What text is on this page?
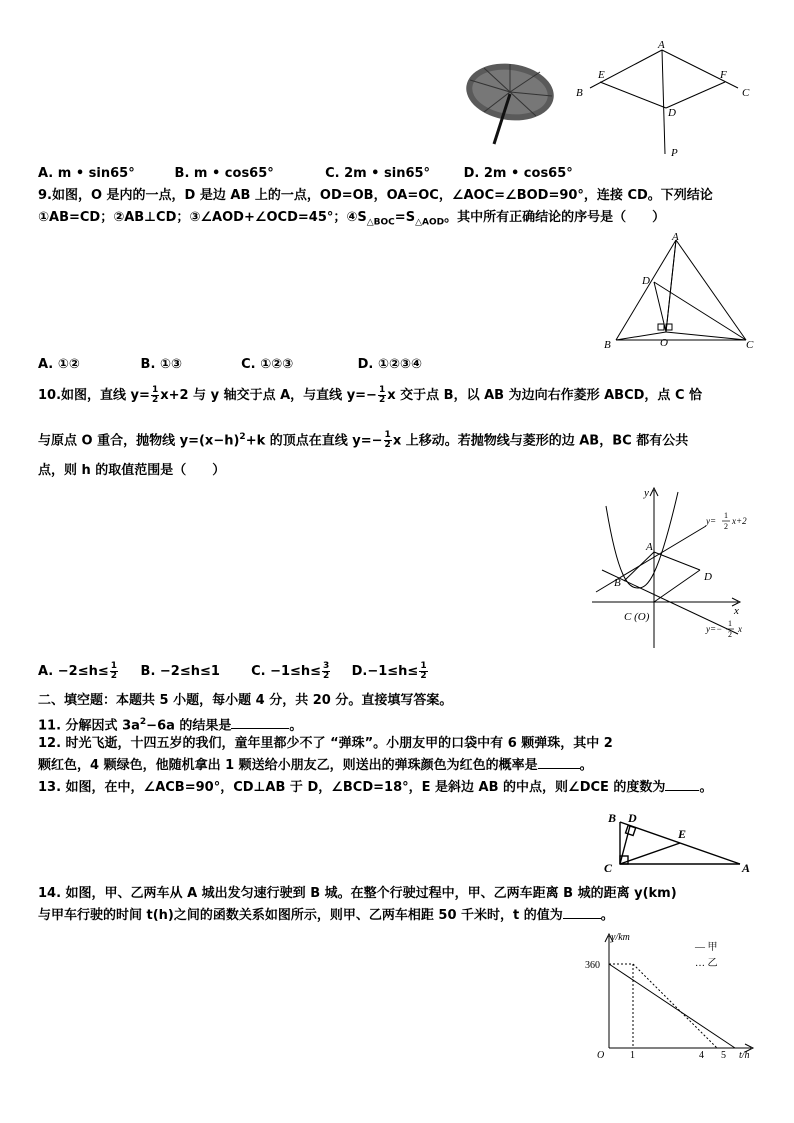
A
B
E	F
C
D
P
A. m • sin65°	B. m • cos65°	C. 2m • sin65°	D. 2m • cos65°
9.如图，O 是内的一点，D 是边 AB 上的一点，OD=OB，OA=OC，∠AOC=∠BOD=90°，连接 CD。下列结论
①AB=CD；②AB⊥CD；③∠AOD+∠OCD=45°；$④S_{\triangle BOC}=S_{\triangle AOD}$。其中所有正确结论的序号是（　　）
A
D
B	O	C
A. ①②	B. ①③	C. ①②③	D. ①②③④
10.如图，直线 $y= \frac{1}{2} x+2$ 与 y 轴交于点 A，与直线 $y=- \frac{1}{2}$ x 交于点 B，以 AB 为边向右作菱形 ABCD，点 C 恰
与原点 O 重合，抛物线 $y=(x-h)^2+k$ 的顶点在直线 $y=- \frac{1}{2}$ x 上移动。若抛物线与菱形的边 AB，BC 都有公共
点，则 h 的取值范围是（　　）
y
x
A
B	D
C (O)
y=
1
2
x+2
y=−
1
2
x
A. $-2\le h\le \frac{1}{2} B$. −2≤h≤1 C. $-1\le h\le \frac{3}{2} D.-1\le h\le \frac{1}{2}$
二、填空题：本题共 5 小题，每小题 4 分，共 20 分。直接填写答案。
11. 分解因式 $3a^2-6a$ 的结果是	。
12. 时光飞逝，十四五岁的我们，童年里都少不了 “弹珠”。小朋友甲的口袋中有 6 颗弹珠，其中 2
颗红色，4 颗绿色，他随机拿出 1 颗送给小朋友乙，则送出的弹珠颜色为红色的概率是	。
13. 如图，在中，∠ACB=90°，CD⊥AB 于 D，∠BCD=18°，E 是斜边 AB 的中点，则∠DCE 的度数为	。
B D
E
C	A
14. 如图，甲、乙两车从 A 城出发匀速行驶到 B 城。在整个行驶过程中，甲、乙两车距离 B 城的距离 y(km)
与甲车行驶的时间 t(h)之间的函数关系如图所示，则甲、乙两车相距 50 千米时，t 的值为	。
y/km
360
O	1	4 5 t/h
— 甲
… 乙
